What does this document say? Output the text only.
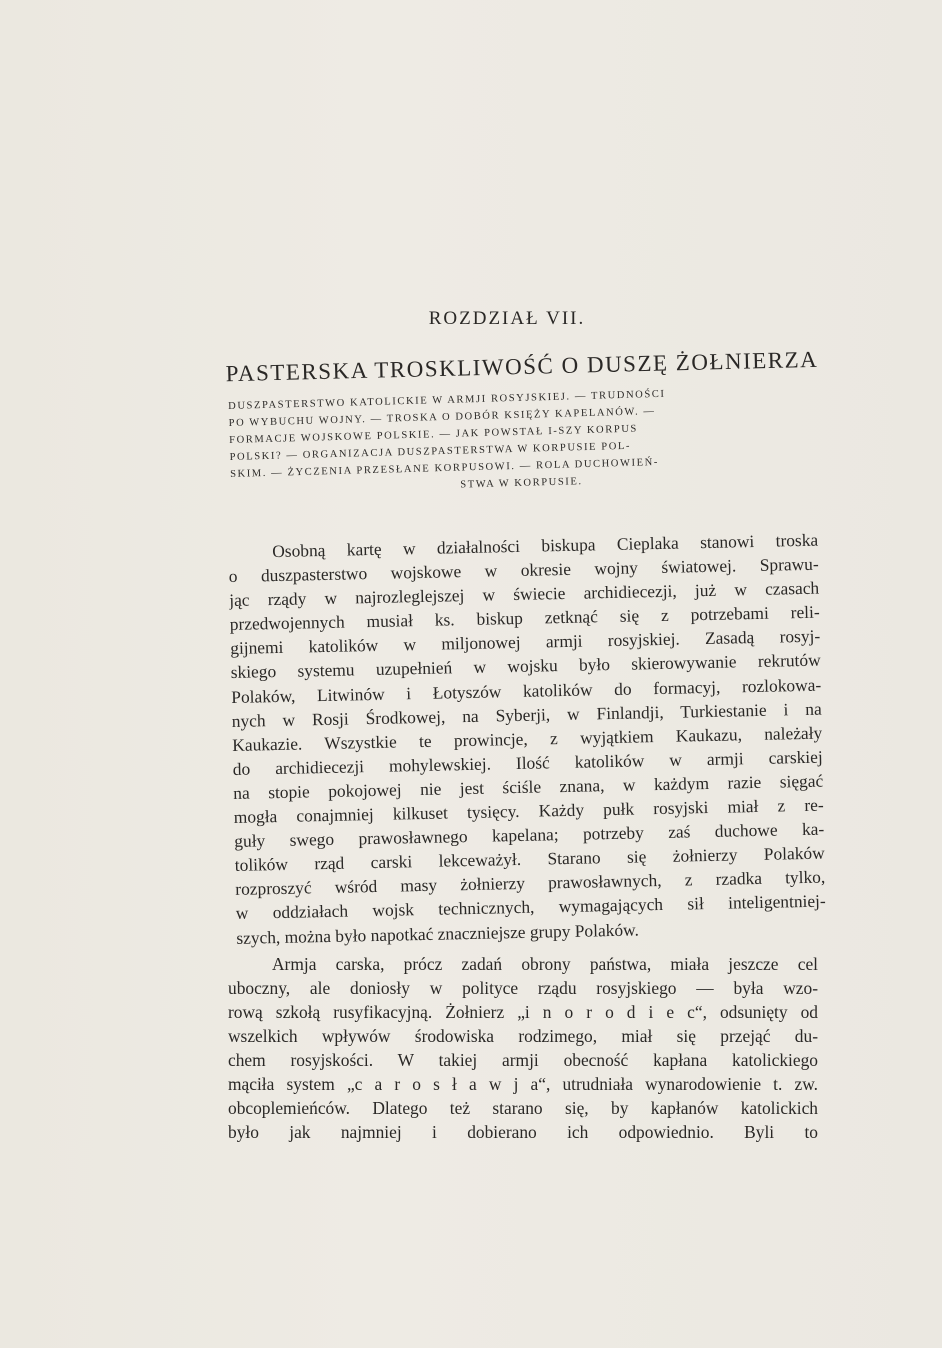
ROZDZIAŁ VII.
PASTERSKA TROSKLIWOŚĆ O DUSZĘ ŻOŁNIERZA
DUSZPASTERSTWO KATOLICKIE W ARMJI ROSYJSKIEJ. — TRUDNOŚCI
PO WYBUCHU WOJNY. — TROSKA O DOBÓR KSIĘŻY KAPELANÓW. —
FORMACJE WOJSKOWE POLSKIE. — JAK POWSTAŁ I-SZY KORPUS
POLSKI? — ORGANIZACJA DUSZPASTERSTWA W KORPUSIE POL-
SKIM. — ŻYCZENIA PRZESŁANE KORPUSOWI. — ROLA DUCHOWIEŃ-
STWA W KORPUSIE.
Osobną kartę w działalności biskupa Cieplaka stanowi troska
o duszpasterstwo wojskowe w okresie wojny światowej. Sprawu-
jąc rządy w najrozleglejszej w świecie archidiecezji, już w czasach
przedwojennych musiał ks. biskup zetknąć się z potrzebami reli-
gijnemi katolików w miljonowej armji rosyjskiej. Zasadą rosyj-
skiego systemu uzupełnień w wojsku było skierowywanie rekrutów
Polaków, Litwinów i Łotyszów katolików do formacyj, rozlokowa-
nych w Rosji Środkowej, na Syberji, w Finlandji, Turkiestanie i na
Kaukazie. Wszystkie te prowincje, z wyjątkiem Kaukazu, należały
do archidiecezji mohylewskiej. Ilość katolików w armji carskiej
na stopie pokojowej nie jest ściśle znana, w każdym razie sięgać
mogła conajmniej kilkuset tysięcy. Każdy pułk rosyjski miał z re-
guły swego prawosławnego kapelana; potrzeby zaś duchowe ka-
tolików rząd carski lekceważył. Starano się żołnierzy Polaków
rozproszyć wśród masy żołnierzy prawosławnych, z rzadka tylko,
w oddziałach wojsk technicznych, wymagających sił inteligentniej-
szych, można było napotkać znaczniejsze grupy Polaków.
Armja carska, prócz zadań obrony państwa, miała jeszcze cel
uboczny, ale doniosły w polityce rządu rosyjskiego — była wzo-
rową szkołą rusyfikacyjną. Żołnierz „i n o r o d i e c“, odsunięty od
wszelkich wpływów środowiska rodzimego, miał się przejąć du-
chem rosyjskości. W takiej armji obecność kapłana katolickiego
mąciła system „c a r o s ł a w j a“, utrudniała wynarodowienie t. zw.
obcoplemieńców. Dlatego też starano się, by kapłanów katolickich
było jak najmniej i dobierano ich odpowiednio. Byli to
